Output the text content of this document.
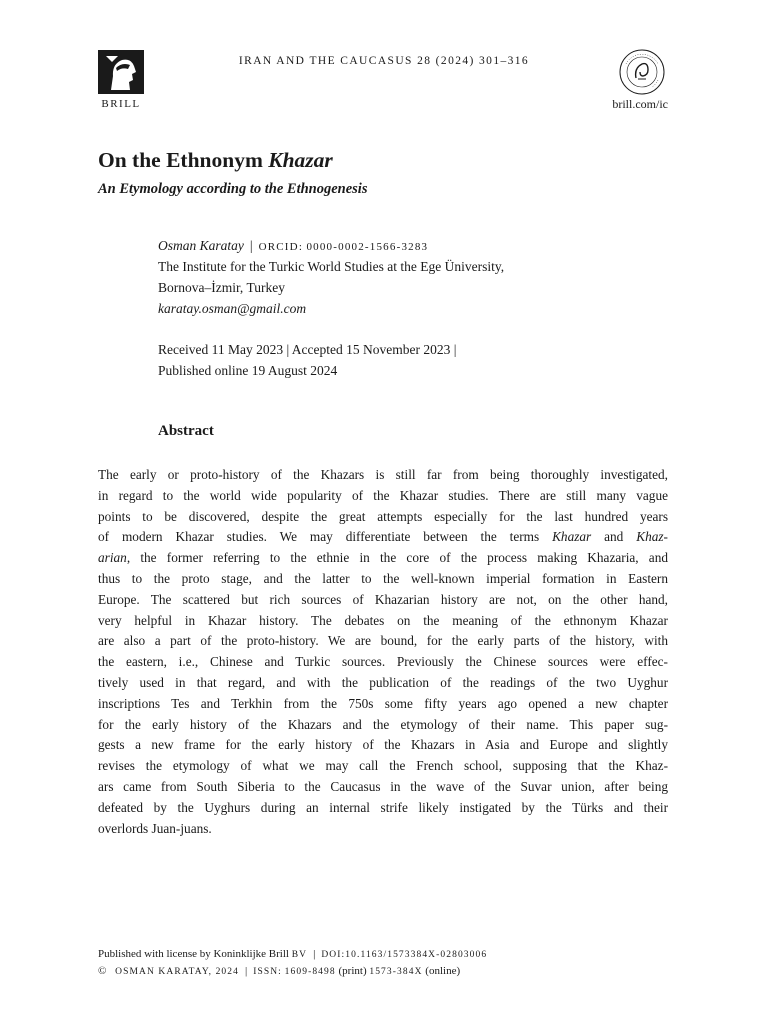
BRILL
IRAN AND THE CAUCASUS 28 (2024) 301–316
brill.com/ic
On the Ethnonym Khazar
An Etymology according to the Ethnogenesis
Osman Karatay | ORCID: 0000-0002-1566-3283
The Institute for the Turkic World Studies at the Ege Üniversity,
Bornova–İzmir, Turkey
karatay.osman@gmail.com
Received 11 May 2023 | Accepted 15 November 2023 |
Published online 19 August 2024
Abstract
The early or proto-history of the Khazars is still far from being thoroughly investigated,
in regard to the world wide popularity of the Khazar studies. There are still many vague
points to be discovered, despite the great attempts especially for the last hundred years
of modern Khazar studies. We may differentiate between the terms Khazar and Khaz-
arian, the former referring to the ethnie in the core of the process making Khazaria, and
thus to the proto stage, and the latter to the well-known imperial formation in Eastern
Europe. The scattered but rich sources of Khazarian history are not, on the other hand,
very helpful in Khazar history. The debates on the meaning of the ethnonym Khazar
are also a part of the proto-history. We are bound, for the early parts of the history, with
the eastern, i.e., Chinese and Turkic sources. Previously the Chinese sources were effec-
tively used in that regard, and with the publication of the readings of the two Uyghur
inscriptions Tes and Terkhin from the 750s some fifty years ago opened a new chapter
for the early history of the Khazars and the etymology of their name. This paper sug-
gests a new frame for the early history of the Khazars in Asia and Europe and slightly
revises the etymology of what we may call the French school, supposing that the Khaz-
ars came from South Siberia to the Caucasus in the wave of the Suvar union, after being
defeated by the Uyghurs during an internal strife likely instigated by the Türks and their
overlords Juan-juans.
Published with license by Koninklijke Brill BV | DOI:10.1163/1573384X-02803006
© OSMAN KARATAY, 2024 | ISSN: 1609-8498 (print) 1573-384X (online)
